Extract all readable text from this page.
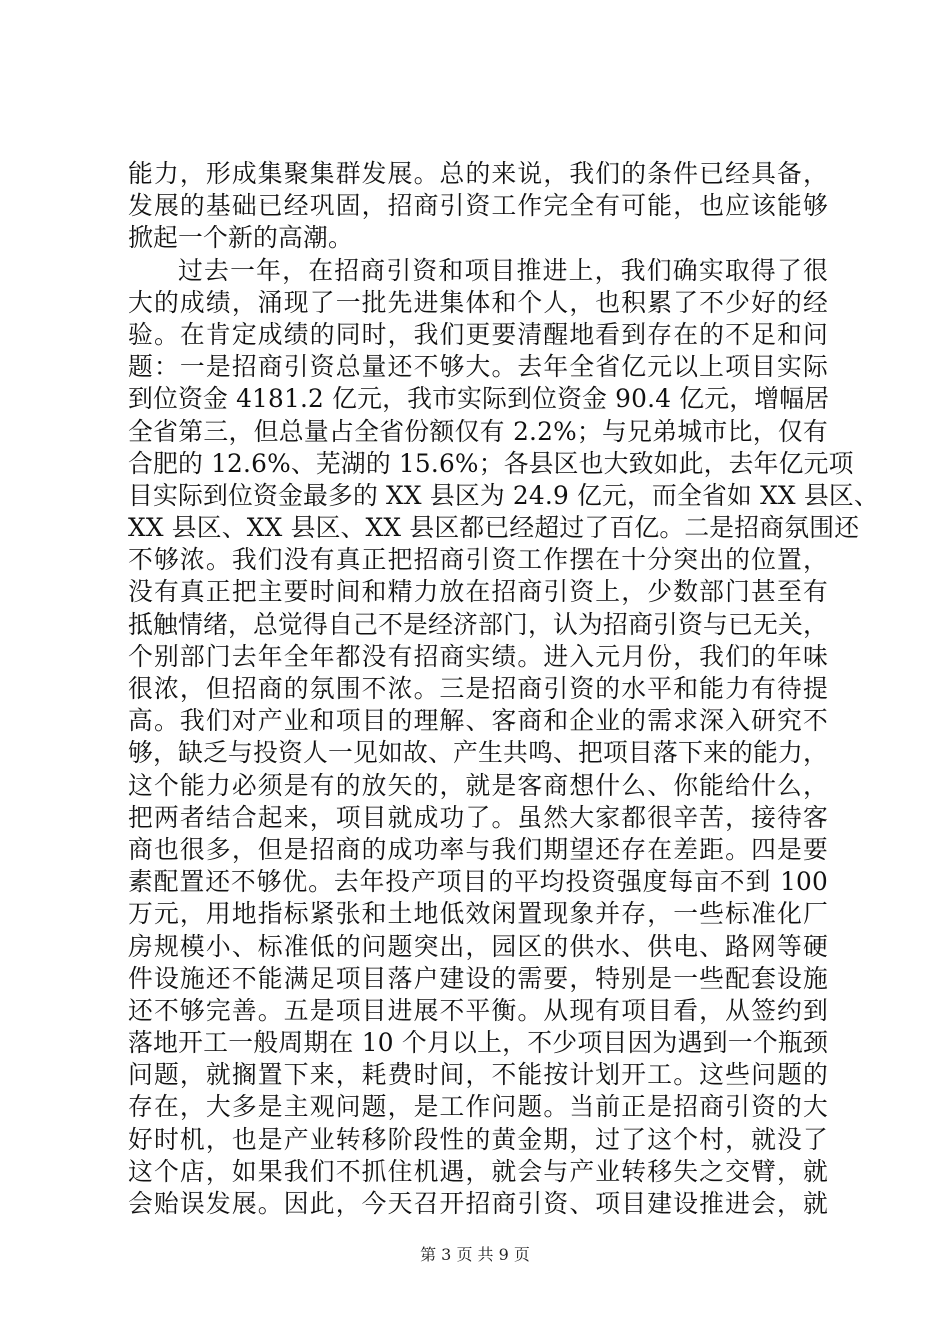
能力，形成集聚集群发展。总的来说，我们的条件已经具备，
发展的基础已经巩固，招商引资工作完全有可能，也应该能够
掀起一个新的高潮。
过去一年，在招商引资和项目推进上，我们确实取得了很
大的成绩，涌现了一批先进集体和个人，也积累了不少好的经
验。在肯定成绩的同时，我们更要清醒地看到存在的不足和问
题：一是招商引资总量还不够大。去年全省亿元以上项目实际
到位资金 4181.2 亿元，我市实际到位资金 90.4 亿元，增幅居
全省第三，但总量占全省份额仅有 2.2%；与兄弟城市比，仅有
合肥的 12.6%、芜湖的 15.6%；各县区也大致如此，去年亿元项
目实际到位资金最多的 XX 县区为 24.9 亿元，而全省如 XX 县区、
XX 县区、XX 县区、XX 县区都已经超过了百亿。二是招商氛围还
不够浓。我们没有真正把招商引资工作摆在十分突出的位置，
没有真正把主要时间和精力放在招商引资上，少数部门甚至有
抵触情绪，总觉得自己不是经济部门，认为招商引资与已无关，
个别部门去年全年都没有招商实绩。进入元月份，我们的年味
很浓，但招商的氛围不浓。三是招商引资的水平和能力有待提
高。我们对产业和项目的理解、客商和企业的需求深入研究不
够，缺乏与投资人一见如故、产生共鸣、把项目落下来的能力，
这个能力必须是有的放矢的，就是客商想什么、你能给什么，
把两者结合起来，项目就成功了。虽然大家都很辛苦，接待客
商也很多，但是招商的成功率与我们期望还存在差距。四是要
素配置还不够优。去年投产项目的平均投资强度每亩不到 100
万元，用地指标紧张和土地低效闲置现象并存，一些标准化厂
房规模小、标准低的问题突出，园区的供水、供电、路网等硬
件设施还不能满足项目落户建设的需要，特别是一些配套设施
还不够完善。五是项目进展不平衡。从现有项目看，从签约到
落地开工一般周期在 10 个月以上，不少项目因为遇到一个瓶颈
问题，就搁置下来，耗费时间，不能按计划开工。这些问题的
存在，大多是主观问题，是工作问题。当前正是招商引资的大
好时机，也是产业转移阶段性的黄金期，过了这个村，就没了
这个店，如果我们不抓住机遇，就会与产业转移失之交臂，就
会贻误发展。因此，今天召开招商引资、项目建设推进会，就
第 3 页 共 9 页
